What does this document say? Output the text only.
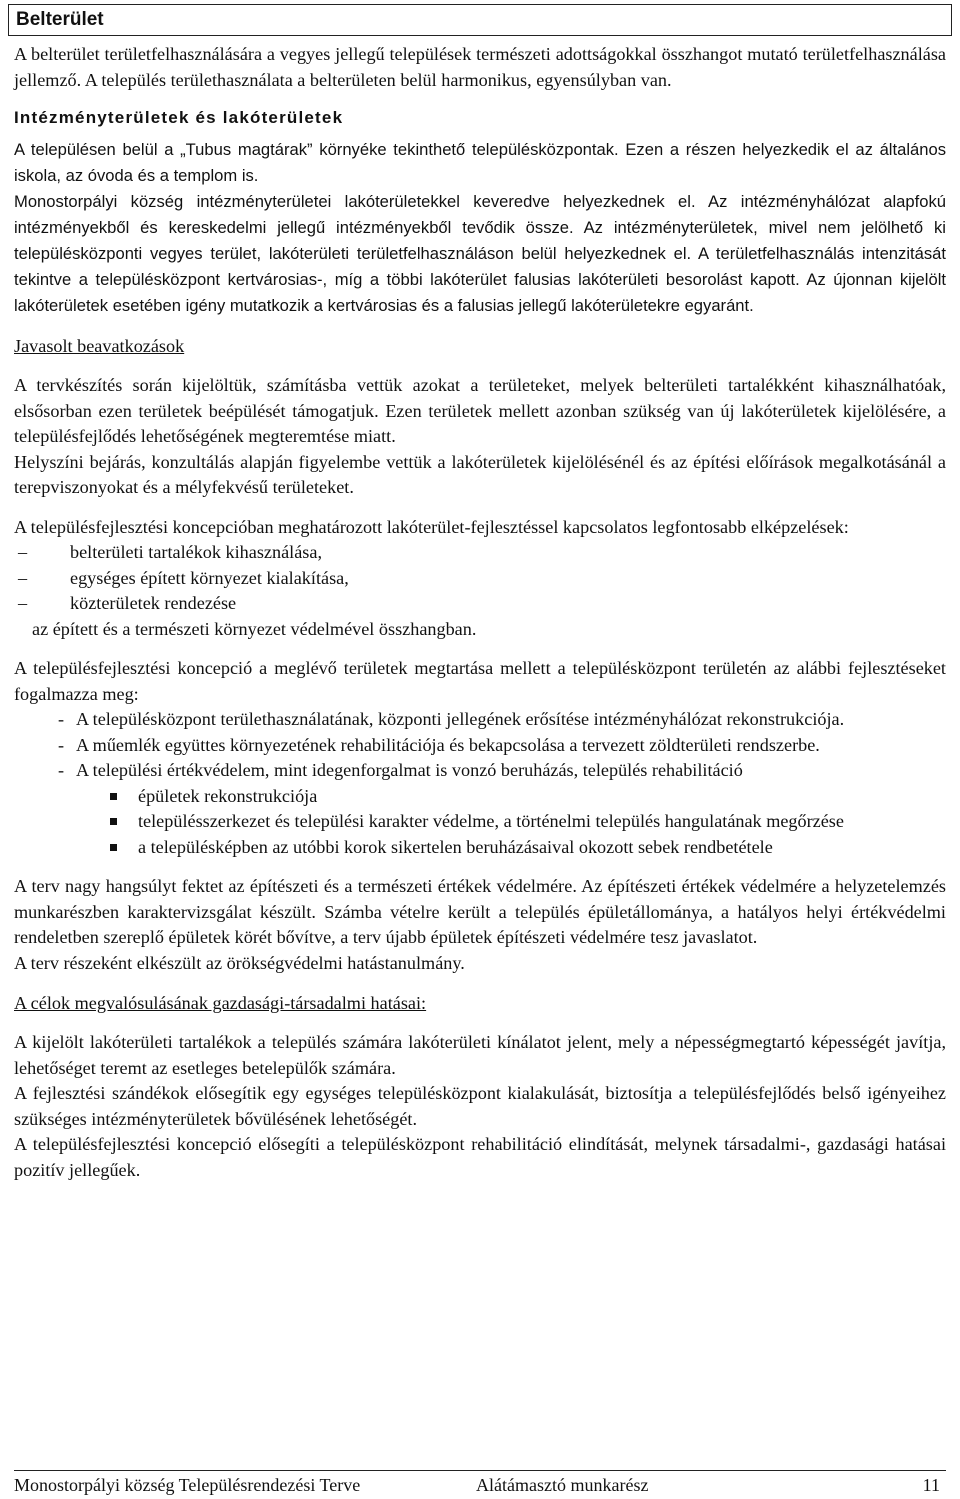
Belterület

A belterület területfelhasználására a vegyes jellegű települések természeti adottságokkal összhangot mutató területfelhasználása jellemző. A település területhasználata a belterületen belül harmonikus, egyensúlyban van.

Intézményterületek és lakóterületek

A településen belül a „Tubus magtárak” környéke tekinthető településközpontak. Ezen a részen helyezkedik el az általános iskola, az óvoda és a templom is.

Monostorpályi község intézményterületei lakóterületekkel keveredve helyezkednek el. Az intézményhálózat alapfokú intézményekből és kereskedelmi jellegű intézményekből tevődik össze. Az intézményterületek, mivel nem jelölhető ki településközponti vegyes terület, lakóterületi területfelhasználáson belül helyezkednek el. A területfelhasználás intenzitását tekintve a településközpont kertvárosias-, míg a többi lakóterület falusias lakóterületi besorolást kapott. Az újonnan kijelölt lakóterületek esetében igény mutatkozik a kertvárosias és a falusias jellegű lakóterületekre egyaránt.

Javasolt beavatkozások

A tervkészítés során kijelöltük, számításba vettük azokat a területeket, melyek belterületi tartalékként kihasználhatóak, elsősorban ezen területek beépülését támogatjuk. Ezen területek mellett azonban szükség van új lakóterületek kijelölésére, a településfejlődés lehetőségének megteremtése miatt.

Helyszíni bejárás, konzultálás alapján figyelembe vettük a lakóterületek kijelölésénél és az építési előírások megalkotásánál a terepviszonyokat és a mélyfekvésű területeket.

A településfejlesztési koncepcióban meghatározott lakóterület-fejlesztéssel kapcsolatos legfontosabb elképzelések:

– belterületi tartalékok kihasználása,
– egységes épített környezet kialakítása,
– közterületek rendezése

az épített és a természeti környezet védelmével összhangban.

A településfejlesztési koncepció a meglévő területek megtartása mellett a településközpont területén az alábbi fejlesztéseket fogalmazza meg:

- A településközpont területhasználatának, központi jellegének erősítése intézményhálózat rekonstrukciója.
- A műemlék együttes környezetének rehabilitációja és bekapcsolása a tervezett zöldterületi rendszerbe.
- A települési értékvédelem, mint idegenforgalmat is vonzó beruházás, település rehabilitáció
épületek rekonstrukciója
településszerkezet és települési karakter védelme, a történelmi település hangulatának megőrzése
a településképben az utóbbi korok sikertelen beruházásaival okozott sebek rendbetétele

A terv nagy hangsúlyt fektet az építészeti és a természeti értékek védelmére. Az építészeti értékek védelmére a helyzetelemzés munkarészben karaktervizsgálat készült. Számba vételre került a település épületállománya, a hatályos helyi értékvédelmi rendeletben szereplő épületek körét bővítve, a terv újabb épületek építészeti védelmére tesz javaslatot.

A terv részeként elkészült az örökségvédelmi hatástanulmány.

A célok megvalósulásának gazdasági-társadalmi hatásai:

A kijelölt lakóterületi tartalékok a település számára lakóterületi kínálatot jelent, mely a népességmegtartó képességét javítja, lehetőséget teremt az esetleges betelepülők számára.

A fejlesztési szándékok elősegítik egy egységes településközpont kialakulását, biztosítja a településfejlődés belső igényeihez szükséges intézményterületek bővülésének lehetőségét.

A településfejlesztési koncepció elősegíti a településközpont rehabilitáció elindítását, melynek társadalmi-, gazdasági hatásai pozitív jellegűek.

Monostorpályi község Településrendezési Terve	Alátámasztó munkarész	11
